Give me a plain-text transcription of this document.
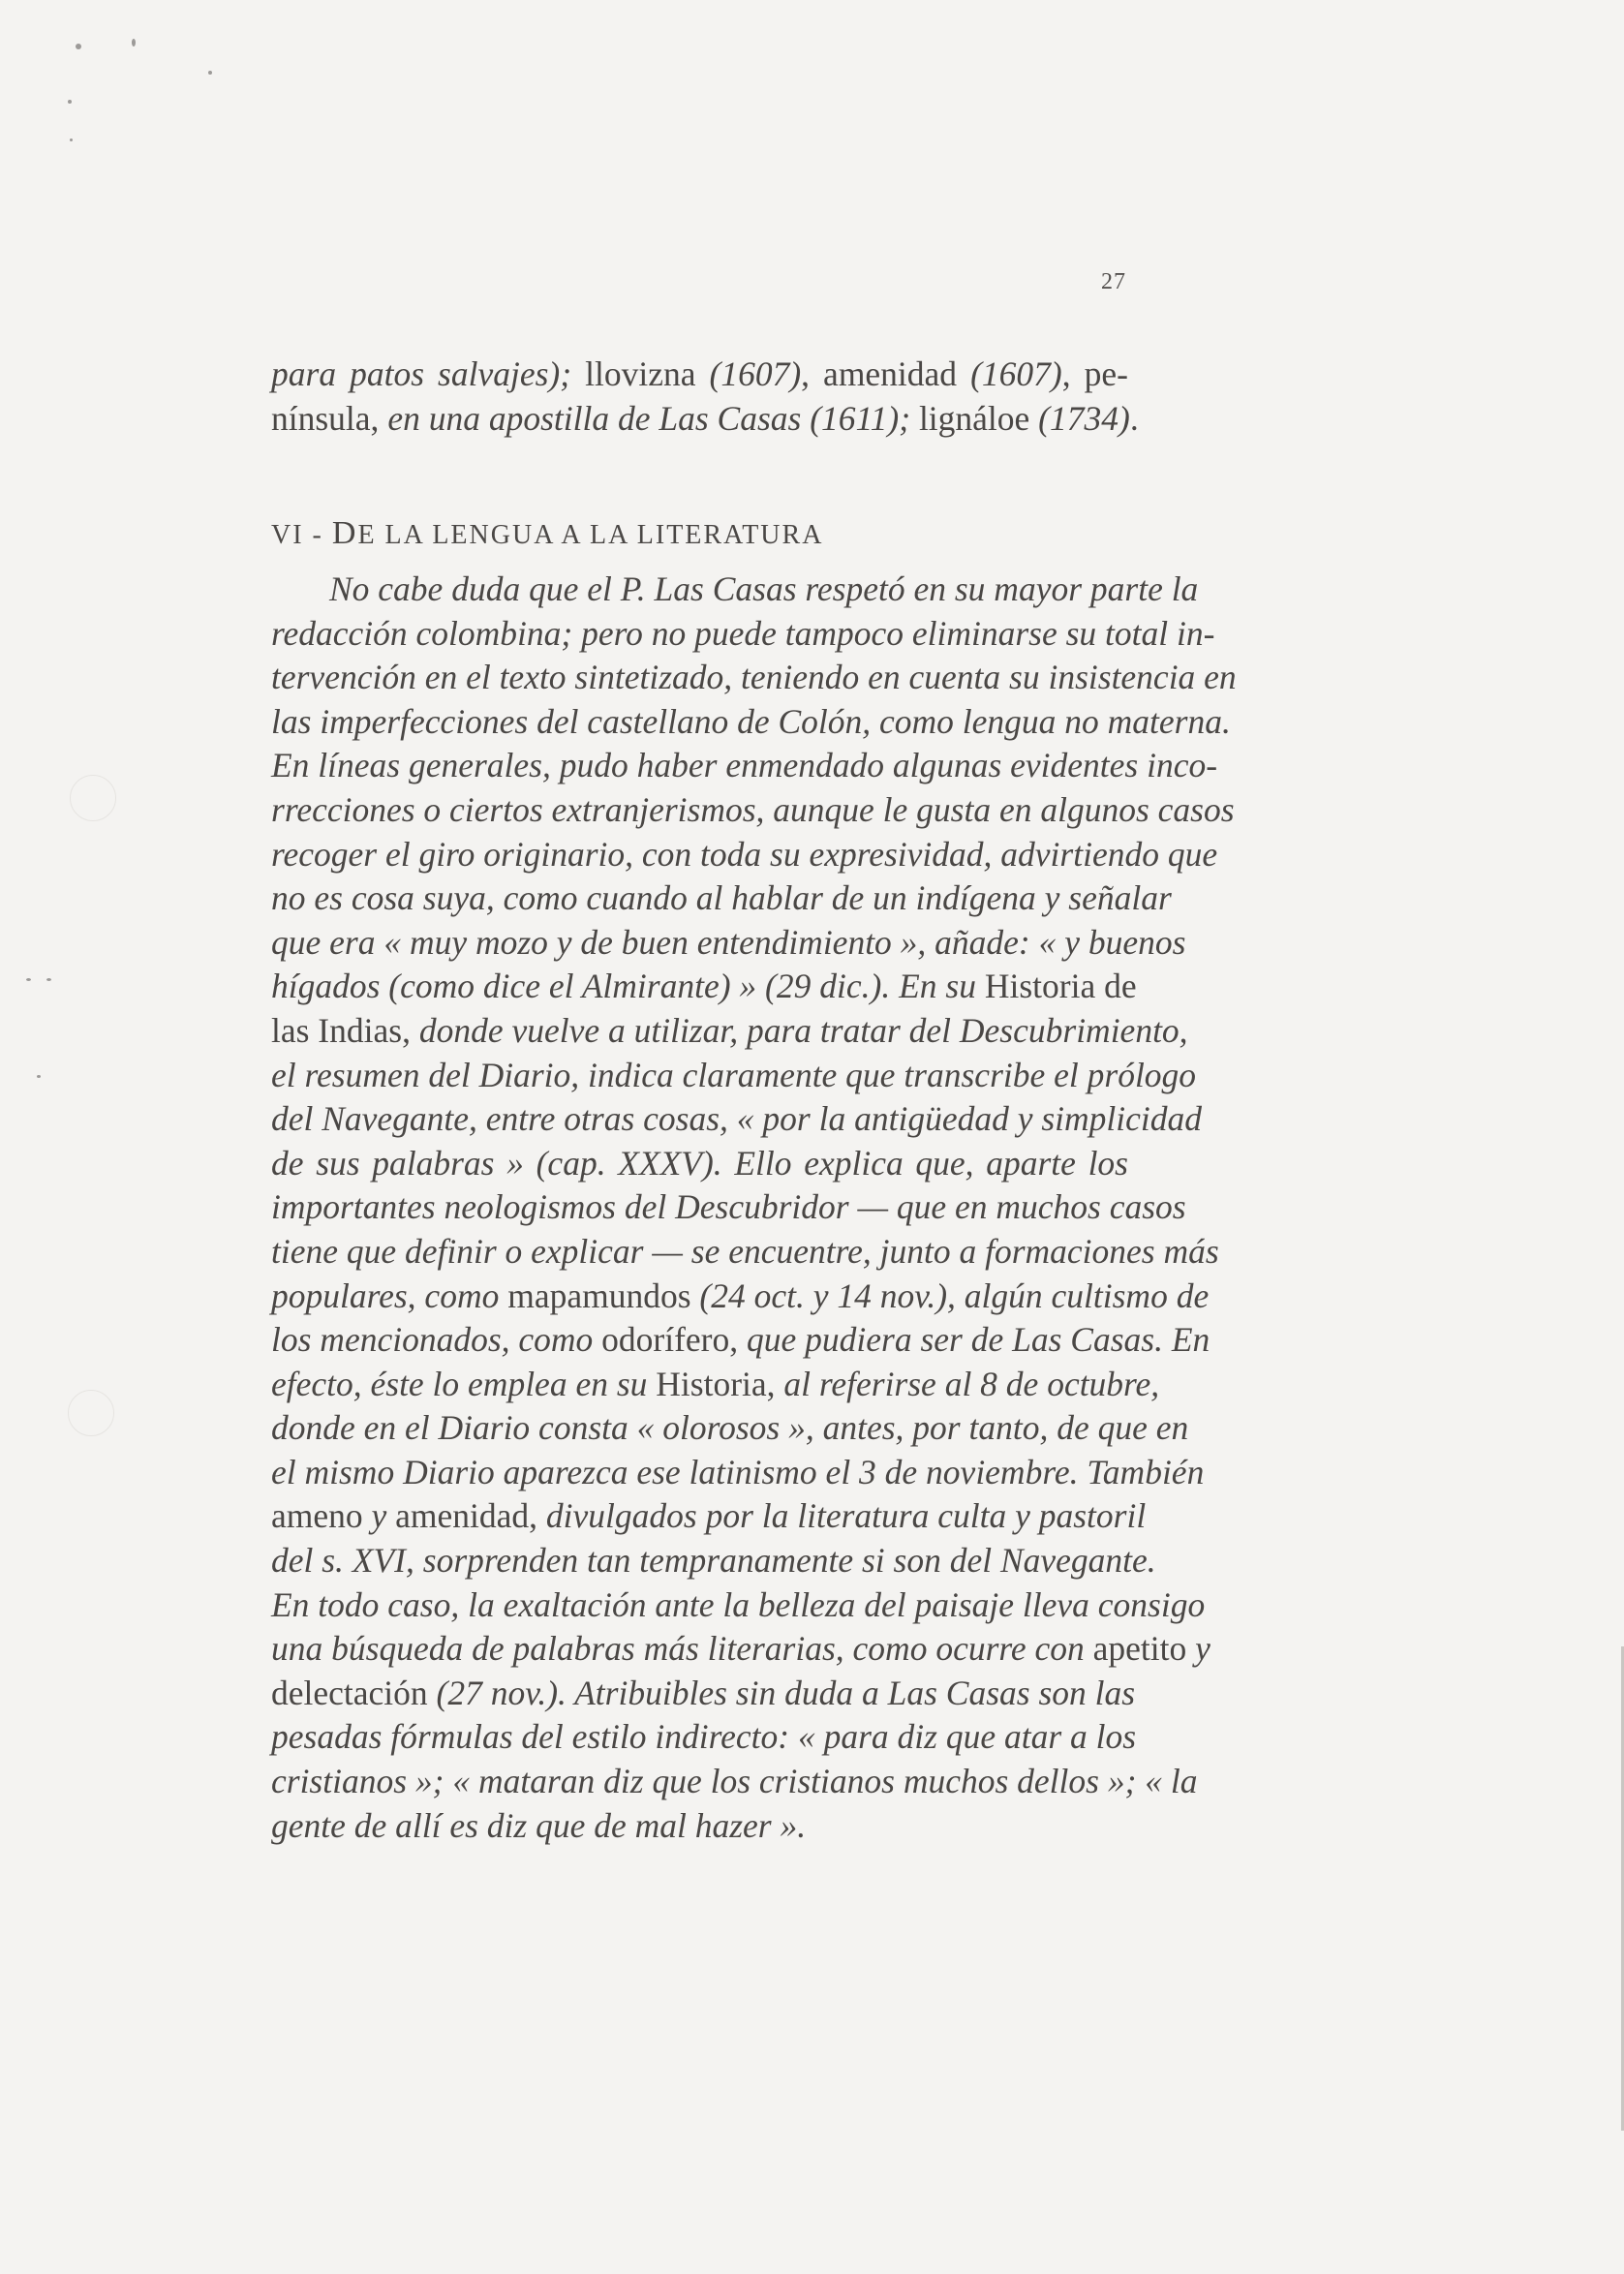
27
para patos salvajes); llovizna (1607), amenidad (1607), pe-
nínsula, en una apostilla de Las Casas (1611); lignáloe (1734).
VI - DE LA LENGUA A LA LITERATURA
No cabe duda que el P. Las Casas respetó en su mayor parte la
redacción colombina; pero no puede tampoco eliminarse su total in-
tervención en el texto sintetizado, teniendo en cuenta su insistencia en
las imperfecciones del castellano de Colón, como lengua no materna.
En líneas generales, pudo haber enmendado algunas evidentes inco-
rrecciones o ciertos extranjerismos, aunque le gusta en algunos casos
recoger el giro originario, con toda su expresividad, advirtiendo que
no es cosa suya, como cuando al hablar de un indígena y señalar
que era « muy mozo y de buen entendimiento », añade: « y buenos
hígados (como dice el Almirante) » (29 dic.). En su Historia de
las Indias, donde vuelve a utilizar, para tratar del Descubrimiento,
el resumen del Diario, indica claramente que transcribe el prólogo
del Navegante, entre otras cosas, « por la antigüedad y simplicidad
de sus palabras » (cap. XXXV). Ello explica que, aparte los
importantes neologismos del Descubridor — que en muchos casos
tiene que definir o explicar — se encuentre, junto a formaciones más
populares, como mapamundos (24 oct. y 14 nov.), algún cultismo de
los mencionados, como odorífero, que pudiera ser de Las Casas. En
efecto, éste lo emplea en su Historia, al referirse al 8 de octubre,
donde en el Diario consta « olorosos », antes, por tanto, de que en
el mismo Diario aparezca ese latinismo el 3 de noviembre. También
ameno y amenidad, divulgados por la literatura culta y pastoril
del s. XVI, sorprenden tan tempranamente si son del Navegante.
En todo caso, la exaltación ante la belleza del paisaje lleva consigo
una búsqueda de palabras más literarias, como ocurre con apetito y
delectación (27 nov.). Atribuibles sin duda a Las Casas son las
pesadas fórmulas del estilo indirecto: « para diz que atar a los
cristianos »; « mataran diz que los cristianos muchos dellos »; « la
gente de allí es diz que de mal hazer ».
